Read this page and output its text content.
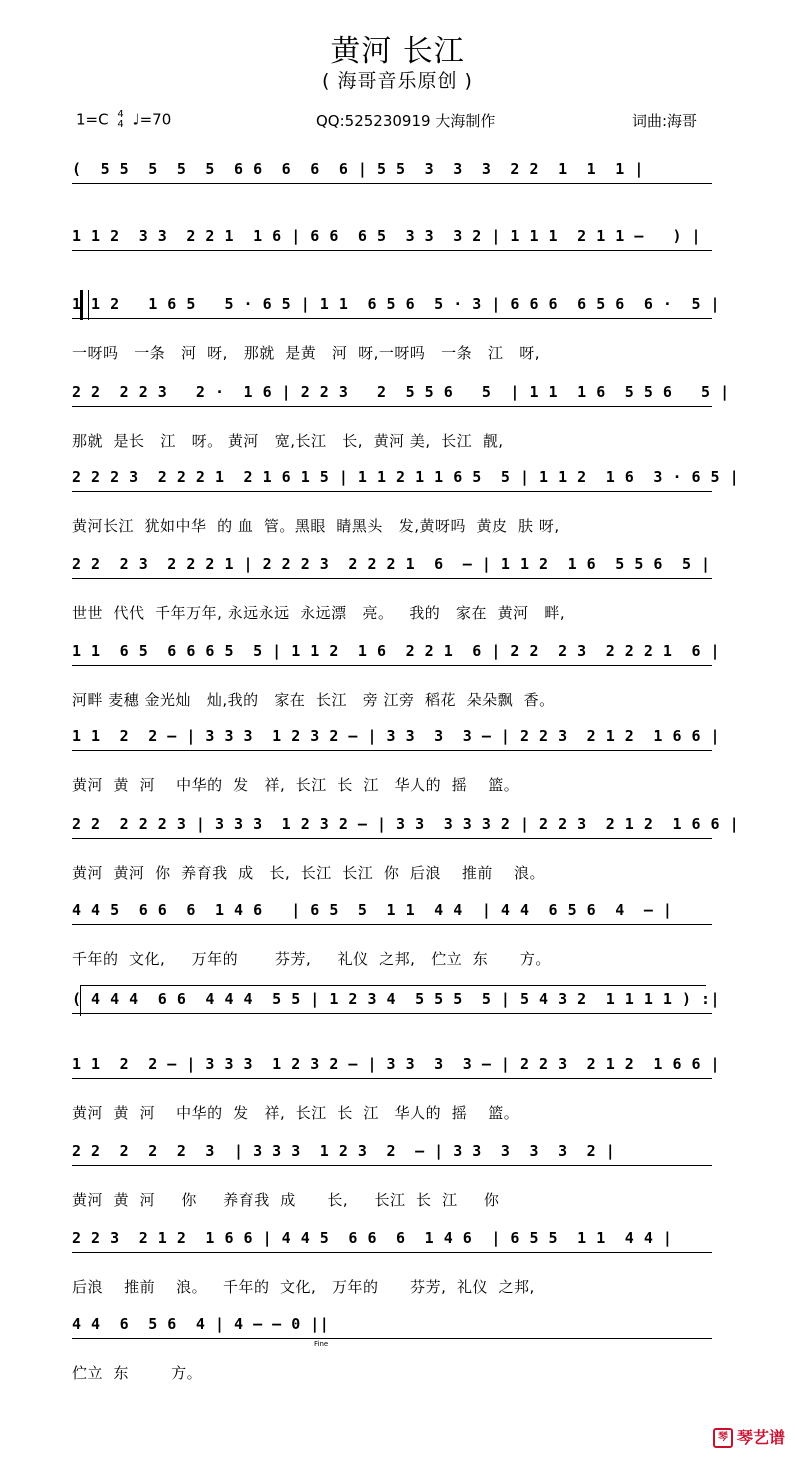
黄河 长江
( 海哥音乐原创 )
1=C 4
4 ♩=70	QQ:525230919 大海制作	词曲:海哥
(  5 5  5  5  5  6 6  6  6  6 | 5 5  3  3  3  2 2  1  1  1 |
1 1 2  3 3  2 2 1  1 6 | 6 6  6 5  3 3  3 2 | 1 1 1  2 1 1 —   ) |
1 1 2   1 6 5   5 · 6 5 | 1 1  6 5 6  5 · 3 | 6 6 6  6 5 6  6 ·  5 |
一呀吗   一条   河  呀,   那就  是黄   河  呀,一呀吗   一条   江   呀,
2 2  2 2 3   2 ·  1 6 | 2 2 3   2  5 5 6   5  | 1 1  1 6  5 5 6   5 |
那就  是长   江   呀。 黄河   宽,长江   长,  黄河 美,  长江  靓,
2 2 2 3  2 2 2 1  2 1 6 1 5 | 1 1 2 1 1 6 5  5 | 1 1 2  1 6  3 · 6 5 |
黄河长江  犹如中华  的 血  管。黑眼  睛黑头   发,黄呀吗  黄皮  肤 呀,
2 2  2 3  2 2 2 1 | 2 2 2 3  2 2 2 1  6  — | 1 1 2  1 6  5 5 6  5 |
世世  代代  千年万年, 永远永远  永远漂   亮。   我的   家在  黄河   畔,
1 1  6 5  6 6 6 5  5 | 1 1 2  1 6  2 2 1  6 | 2 2  2 3  2 2 2 1  6 |
河畔 麦穗 金光灿   灿,我的   家在  长江   旁 江旁  稻花  朵朵飘  香。
1 1  2  2 — | 3 3 3  1 2 3 2 — | 3 3  3  3 — | 2 2 3  2 1 2  1 6 6 |
黄河  黄  河    中华的  发   祥,  长江  长  江   华人的  摇    篮。
2 2  2 2 2 3 | 3 3 3  1 2 3 2 — | 3 3  3 3 3 2 | 2 2 3  2 1 2  1 6 6 |
黄河  黄河  你  养育我  成   长,  长江  长江  你  后浪    推前    浪。
4 4 5  6 6  6  1 4 6   | 6 5  5  1 1  4 4  | 4 4  6 5 6  4  — |
千年的  文化,     万年的       芬芳,     礼仪  之邦,   伫立  东      方。
( 4 4 4  6 6  4 4 4  5 5 | 1 2 3 4  5 5 5  5 | 5 4 3 2  1 1 1 1 ) :|
1 1  2  2 — | 3 3 3  1 2 3 2 — | 3 3  3  3 — | 2 2 3  2 1 2  1 6 6 |
黄河  黄  河    中华的  发   祥,  长江  长  江   华人的  摇    篮。
2 2  2  2  2  3  | 3 3 3  1 2 3  2  — | 3 3  3  3  3  2 |
黄河  黄  河     你     养育我  成      长,     长江  长  江     你
2 2 3  2 1 2  1 6 6 | 4 4 5  6 6  6  1 4 6  | 6 5 5  1 1  4 4 |
后浪    推前    浪。   千年的  文化,   万年的      芬芳,  礼仪  之邦,
4 4  6  5 6  4 | 4 — — 0 ||
伫立  东        方。
Fine
琴 琴艺谱
